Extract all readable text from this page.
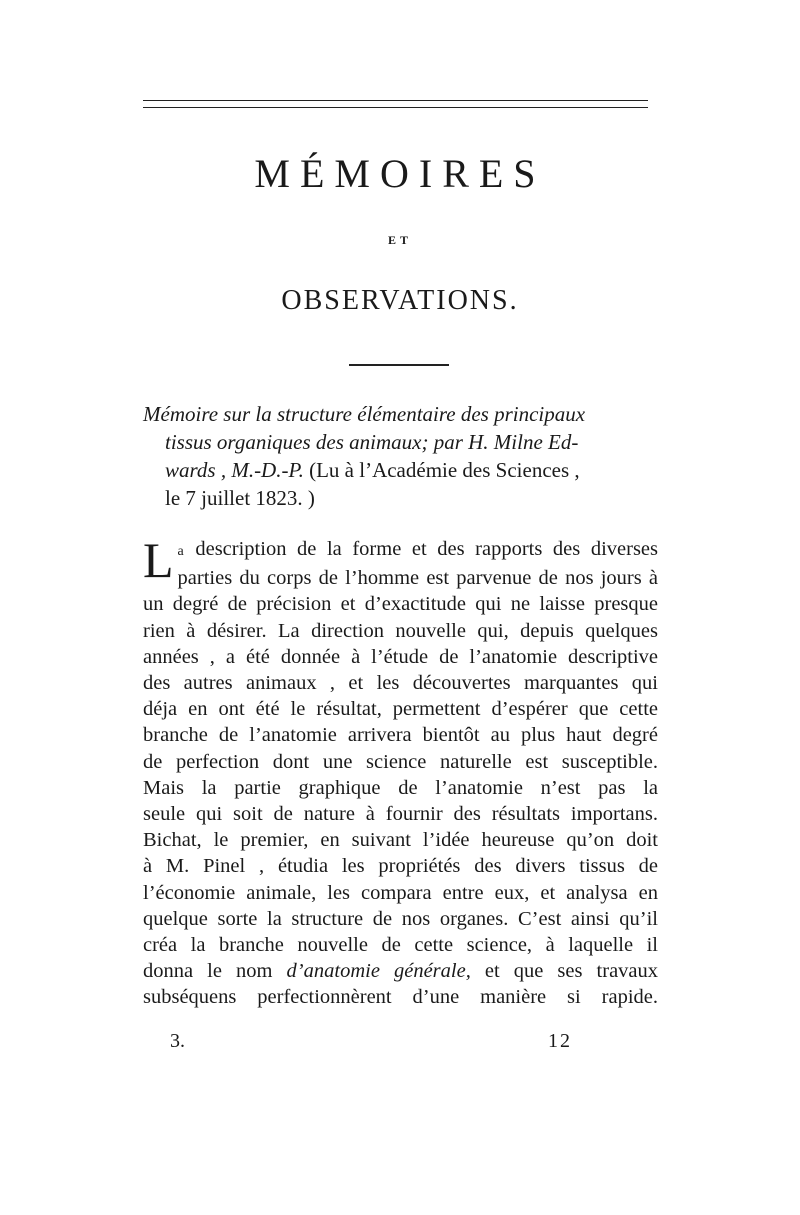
MÉMOIRES
ET
OBSERVATIONS.
Mémoire sur la structure élémentaire des principaux
tissus organiques des animaux; par H. Milne Ed-
wards , M.-D.-P. (Lu à l’Académie des Sciences ,
le 7 juillet 1823. )
L a description de la forme et des rapports des diverses
parties du corps de l’homme est parvenue de nos jours à
un degré de précision et d’exactitude qui ne laisse presque
rien à désirer. La direction nouvelle qui, depuis quelques
années , a été donnée à l’étude de l’anatomie descriptive
des autres animaux , et les découvertes marquantes qui
déja en ont été le résultat, permettent d’espérer que cette
branche de l’anatomie arrivera bientôt au plus haut degré
de perfection dont une science naturelle est susceptible.
Mais la partie graphique de l’anatomie n’est pas la
seule qui soit de nature à fournir des résultats importans.
Bichat, le premier, en suivant l’idée heureuse qu’on doit
à M. Pinel , étudia les propriétés des divers tissus de
l’économie animale, les compara entre eux, et analysa en
quelque sorte la structure de nos organes. C’est ainsi qu’il
créa la branche nouvelle de cette science, à laquelle il
donna le nom d’anatomie générale, et que ses travaux
subséquens perfectionnèrent d’une manière si rapide.
3.	12
